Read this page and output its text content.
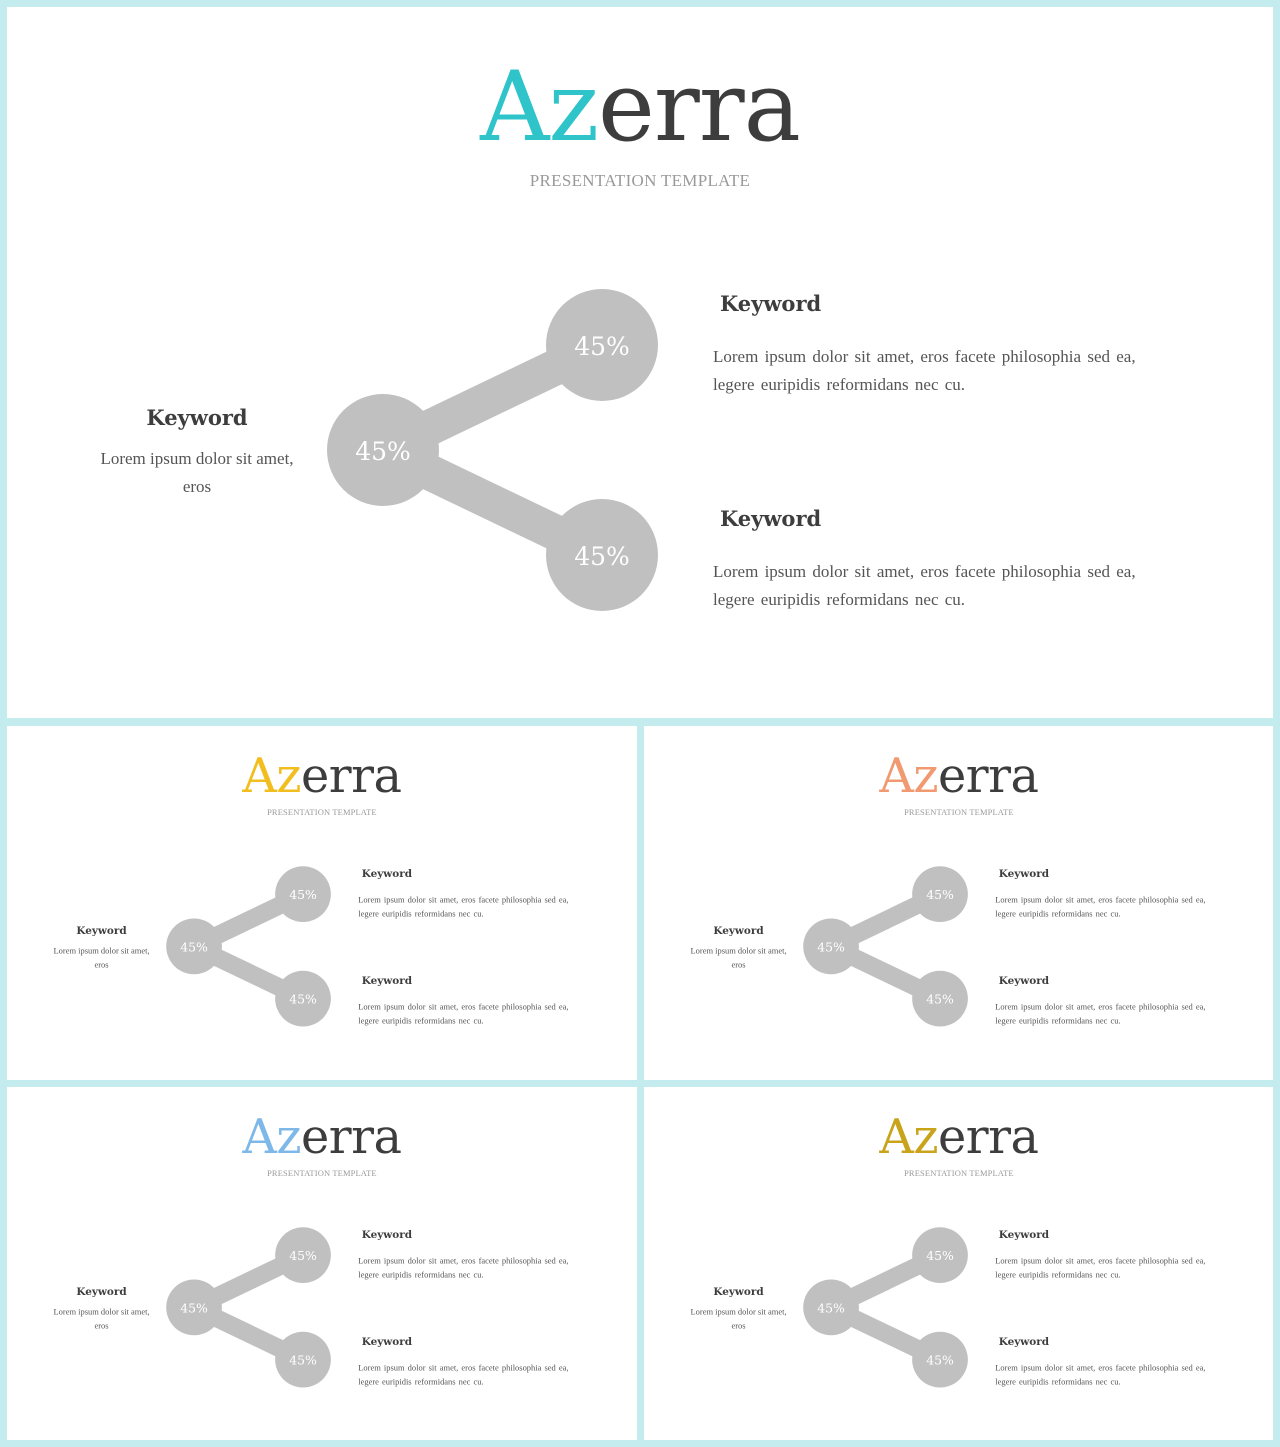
Azerra
PRESENTATION TEMPLATE
45%
45%
45%
Keyword
Lorem ipsum dolor sit amet, eros
Keyword
Lorem ipsum dolor sit amet, eros facete philosophia sed ea, legere euripidis reformidans nec cu.
Keyword
Lorem ipsum dolor sit amet, eros facete philosophia sed ea, legere euripidis reformidans nec cu.
Azerra
PRESENTATION TEMPLATE
45%
45%
45%
Keyword
Lorem ipsum dolor sit amet, eros
Keyword
Lorem ipsum dolor sit amet, eros facete philosophia sed ea, legere euripidis reformidans nec cu.
Keyword
Lorem ipsum dolor sit amet, eros facete philosophia sed ea, legere euripidis reformidans nec cu.
Azerra
PRESENTATION TEMPLATE
45%
45%
45%
Keyword
Lorem ipsum dolor sit amet, eros
Keyword
Lorem ipsum dolor sit amet, eros facete philosophia sed ea, legere euripidis reformidans nec cu.
Keyword
Lorem ipsum dolor sit amet, eros facete philosophia sed ea, legere euripidis reformidans nec cu.
Azerra
PRESENTATION TEMPLATE
45%
45%
45%
Keyword
Lorem ipsum dolor sit amet, eros
Keyword
Lorem ipsum dolor sit amet, eros facete philosophia sed ea, legere euripidis reformidans nec cu.
Keyword
Lorem ipsum dolor sit amet, eros facete philosophia sed ea, legere euripidis reformidans nec cu.
Azerra
PRESENTATION TEMPLATE
45%
45%
45%
Keyword
Lorem ipsum dolor sit amet, eros
Keyword
Lorem ipsum dolor sit amet, eros facete philosophia sed ea, legere euripidis reformidans nec cu.
Keyword
Lorem ipsum dolor sit amet, eros facete philosophia sed ea, legere euripidis reformidans nec cu.
